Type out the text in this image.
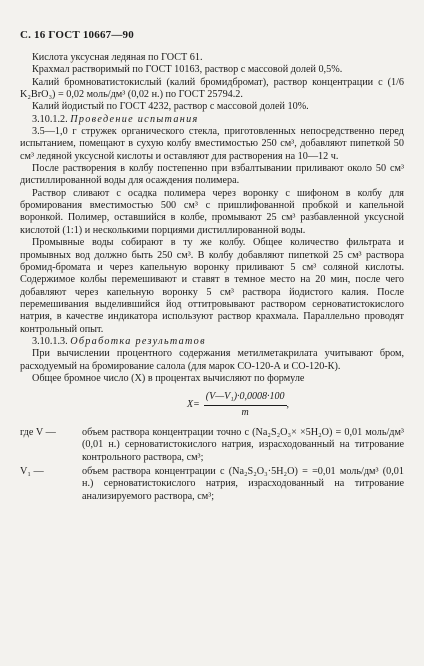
С. 16 ГОСТ 10667—90

Кислота уксусная ледяная по ГОСТ 61.

Крахмал растворимый по ГОСТ 10163, раствор с массовой долей 0,5%.

Калий бромноватистокислый (калий бромидбромат), раствор концентрации с (1/6 K₂BrO₃) = 0,02 моль/дм³ (0,02 н.) по ГОСТ 25794.2.

Калий йодистый по ГОСТ 4232, раствор с массовой долей 10%.

3.10.1.2. Проведение испытания

3.5—1,0 г стружек органического стекла, приготовленных непосредственно перед испытанием, помещают в сухую колбу вместимостью 250 см³, добавляют пипеткой 50 см³ ледяной уксусной кислоты и оставляют для растворения на 10—12 ч.

После растворения в колбу постепенно при взбалтывании приливают около 50 см³ дистиллированной воды для осаждения полимера.

Раствор сливают с осадка полимера через воронку с шифоном в колбу для бромирования вместимостью 500 см³ с пришлифованной пробкой и капельной воронкой. Полимер, оставшийся в колбе, промывают 25 см³ разбавленной уксусной кислотой (1:1) и несколькими порциями дистиллированной воды.

Промывные воды собирают в ту же колбу. Общее количество фильтрата и промывных вод должно быть 250 см³. В колбу добавляют пипеткой 25 см³ раствора бромид-бромата и через капельную воронку приливают 5 см³ соляной кислоты. Содержимое колбы перемешивают и ставят в темное место на 20 мин, после чего добавляют через капельную воронку 5 см³ раствора йодистого калия. После перемешивания выделившийся йод оттитровывают раствором серноватистокислого натрия, в качестве индикатора используют раствор крахмала. Параллельно проводят контрольный опыт.

3.10.1.3. Обработка результатов

При вычислении процентного содержания метилметакрилата учитывают бром, расходуемый на бромирование салола (для марок СО-120-А и СО-120-К).

Общее бромное число (X) в процентах вычисляют по формуле

$X= \frac{\text{(V—V₁)·0,0008·100}}{m}$ ,
где V —	объем раствора концентрации точно с (Na₂S₂O₃× ×5H₂O) = 0,01 моль/дм³ (0,01 н.) серноватистокислого натрия, израсходованный на титрование контрольного раствора, см³;
V₁ —	объем раствора концентрации с (Na₂S₂O₃·5H₂O) = =0,01 моль/дм³ (0,01 н.) серноватистокислого натрия, израсходованный на титрование анализируемого раствора, см³;
